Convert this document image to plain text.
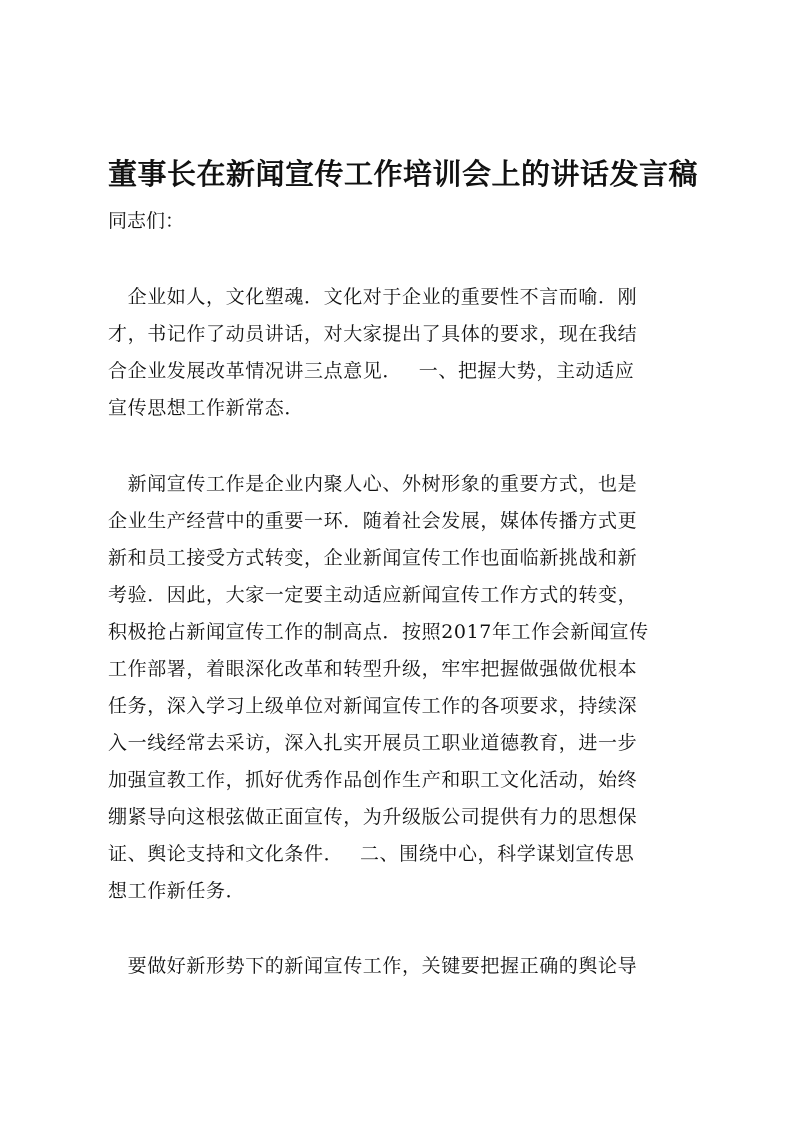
董事长在新闻宣传工作培训会上的讲话发言稿
同志们：
　企业如人，文化塑魂．文化对于企业的重要性不言而喻．刚
才，书记作了动员讲话，对大家提出了具体的要求，现在我结
合企业发展改革情况讲三点意见．　 一、把握大势，主动适应
宣传思想工作新常态．
　新闻宣传工作是企业内聚人心、外树形象的重要方式，也是
企业生产经营中的重要一环．随着社会发展，媒体传播方式更
新和员工接受方式转变，企业新闻宣传工作也面临新挑战和新
考验．因此，大家一定要主动适应新闻宣传工作方式的转变，
积极抢占新闻宣传工作的制高点．按照2017年工作会新闻宣传
工作部署，着眼深化改革和转型升级，牢牢把握做强做优根本
任务，深入学习上级单位对新闻宣传工作的各项要求，持续深
入一线经常去采访，深入扎实开展员工职业道德教育，进一步
加强宣教工作，抓好优秀作品创作生产和职工文化活动，始终
绷紧导向这根弦做正面宣传，为升级版公司提供有力的思想保
证、舆论支持和文化条件．　 二、围绕中心，科学谋划宣传思
想工作新任务．
　要做好新形势下的新闻宣传工作，关键要把握正确的舆论导
